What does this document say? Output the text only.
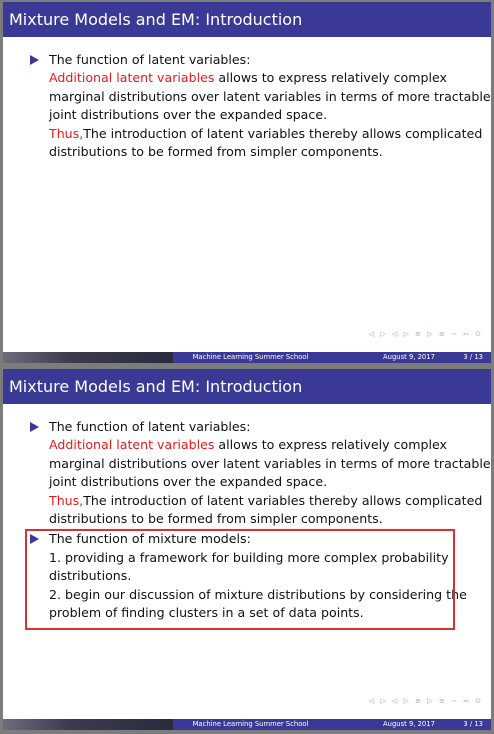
Mixture Models and EM: Introduction
The function of latent variables:
Additional latent variables allows to express relatively complex
marginal distributions over latent variables in terms of more tractable
joint distributions over the expanded space.
Thus,The introduction of latent variables thereby allows complicated
distributions to be formed from simpler components.
◁ ▷ ◁ ▷ ≡ ▷ ≡ ∽ ∾ ⊙
Machine Learning Summer School	August 9, 2017	3 / 13
Mixture Models and EM: Introduction
The function of latent variables:
Additional latent variables allows to express relatively complex
marginal distributions over latent variables in terms of more tractable
joint distributions over the expanded space.
Thus,The introduction of latent variables thereby allows complicated
distributions to be formed from simpler components.
The function of mixture models:
1. providing a framework for building more complex probability
distributions.
2. begin our discussion of mixture distributions by considering the
problem of finding clusters in a set of data points.
◁ ▷ ◁ ▷ ≡ ▷ ≡ ∽ ∾ ⊙
Machine Learning Summer School	August 9, 2017	3 / 13
